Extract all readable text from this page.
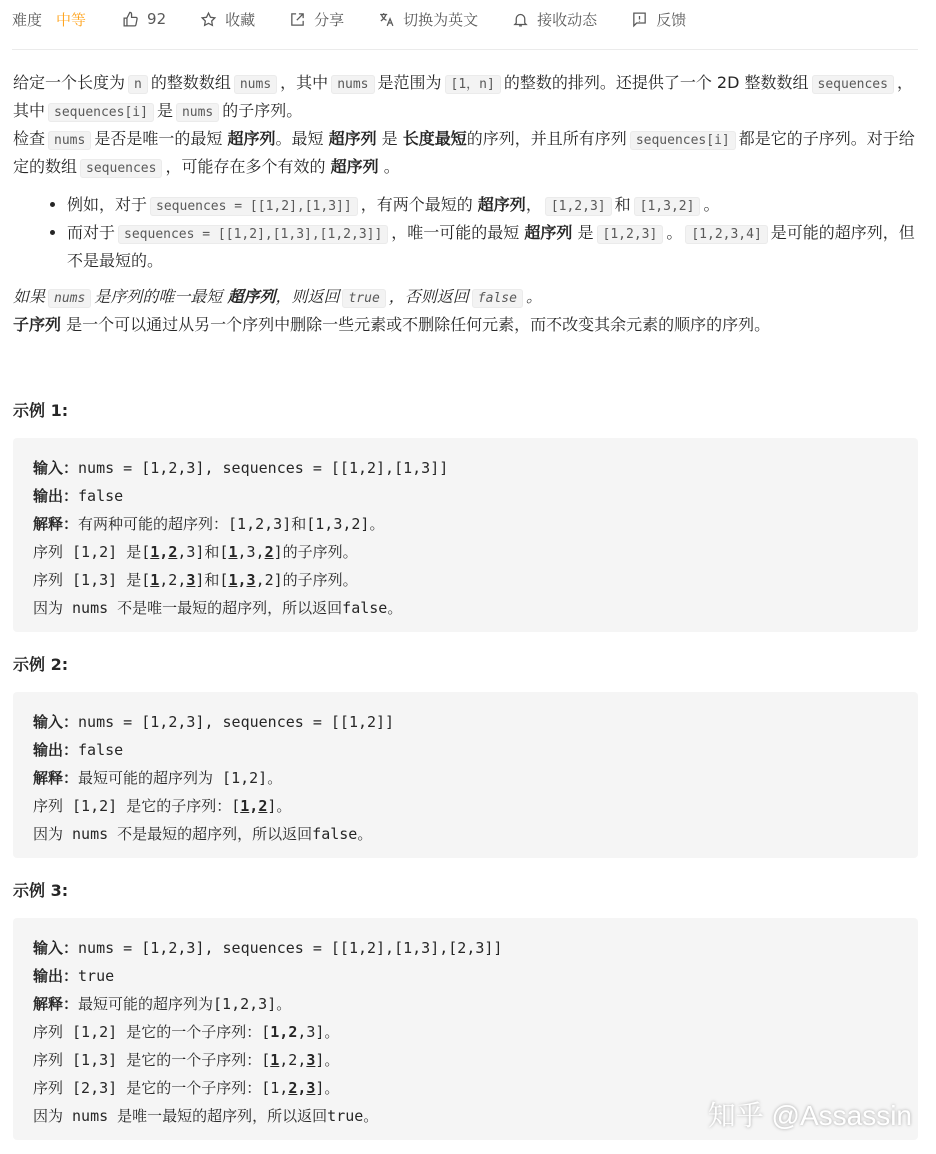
难度 中等	92	收藏	分享	切换为英文	接收动态	反馈

给定一个长度为 n 的整数数组 nums ，其中 nums 是范围为 [1，n] 的整数的排列。还提供了一个 2D 整数数组 sequences ，其中 sequences[i] 是 nums 的子序列。

检查 nums 是否是唯一的最短 超序列。最短 超序列 是 长度最短的序列，并且所有序列 sequences[i] 都是它的子序列。对于给定的数组 sequences ，可能存在多个有效的 超序列 。

• 例如，对于 sequences = [[1,2],[1,3]] ，有两个最短的 超序列， [1,2,3] 和 [1,3,2] 。
• 而对于 sequences = [[1,2],[1,3],[1,2,3]] ，唯一可能的最短 超序列 是 [1,2,3] 。 [1,2,3,4] 是可能的超序列，但不是最短的。

如果 nums 是序列的唯一最短 超序列，则返回 true ，否则返回 false 。

子序列 是一个可以通过从另一个序列中删除一些元素或不删除任何元素，而不改变其余元素的顺序的序列。

示例 1:
输入：nums = [1,2,3], sequences = [[1,2],[1,3]]
输出：false
解释：有两种可能的超序列：[1,2,3]和[1,3,2]。
序列 [1,2] 是[1,2,3]和[1,3,2]的子序列。
序列 [1,3] 是[1,2,3]和[1,3,2]的子序列。
因为 nums 不是唯一最短的超序列，所以返回false。
示例 2:
输入：nums = [1,2,3], sequences = [[1,2]]
输出：false
解释：最短可能的超序列为 [1,2]。
序列 [1,2] 是它的子序列：[1,2]。
因为 nums 不是最短的超序列，所以返回false。
示例 3:
输入：nums = [1,2,3], sequences = [[1,2],[1,3],[2,3]]
输出：true
解释：最短可能的超序列为[1,2,3]。
序列 [1,2] 是它的一个子序列：[1,2,3]。
序列 [1,3] 是它的一个子序列：[1,2,3]。
序列 [2,3] 是它的一个子序列：[1,2,3]。
因为 nums 是唯一最短的超序列，所以返回true。	知乎 @Assassin
